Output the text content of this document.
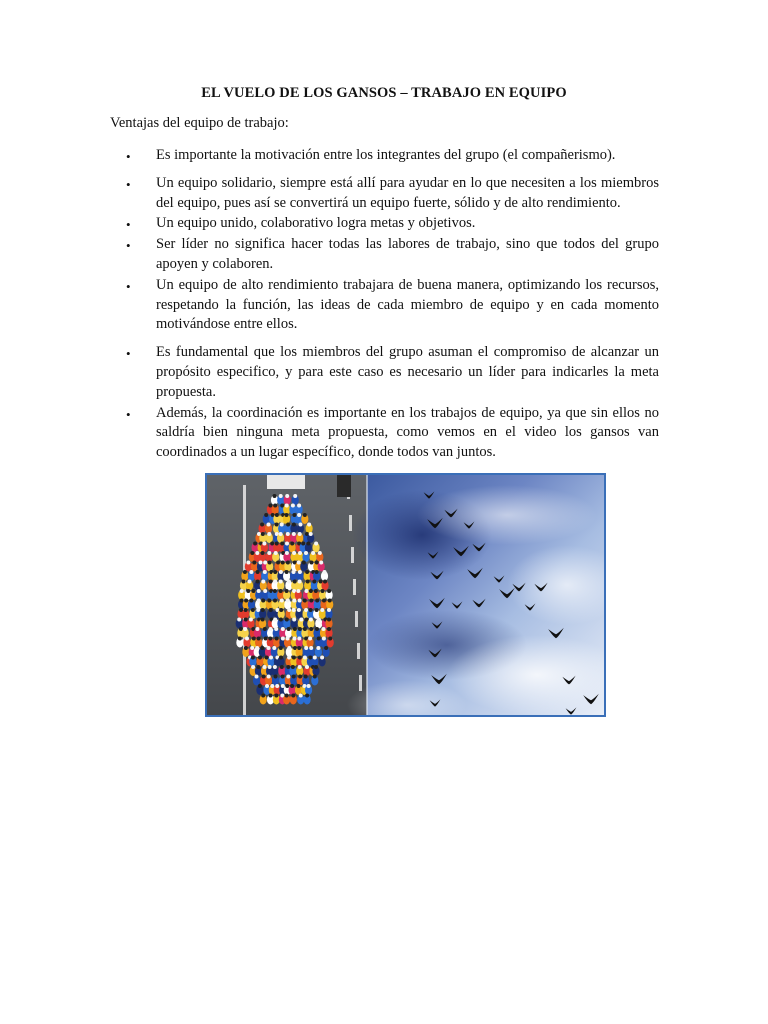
EL VUELO DE LOS GANSOS – TRABAJO EN EQUIPO
Ventajas del equipo de trabajo:
• Es importante la motivación entre los integrantes del grupo (el compañerismo).
• Un equipo solidario, siempre está allí para ayudar en lo que necesiten a los miembros del equipo, pues así se convertirá un equipo fuerte, sólido y de alto rendimiento.
• Un equipo unido, colaborativo logra metas y objetivos.
• Ser líder no significa hacer todas las labores de trabajo, sino que todos del grupo apoyen y colaboren.
• Un equipo de alto rendimiento trabajara de buena manera, optimizando los recursos, respetando la función, las ideas de cada miembro de equipo y en cada momento motivándose entre ellos.
• Es fundamental que los miembros del grupo asuman el compromiso de alcanzar un propósito especifico, y para este caso es necesario un líder para indicarles la meta propuesta.
• Además, la coordinación es importante en los trabajos de equipo, ya que sin ellos no saldría bien ninguna meta propuesta, como vemos en el video los gansos van coordinados a un lugar específico, donde todos van juntos.
